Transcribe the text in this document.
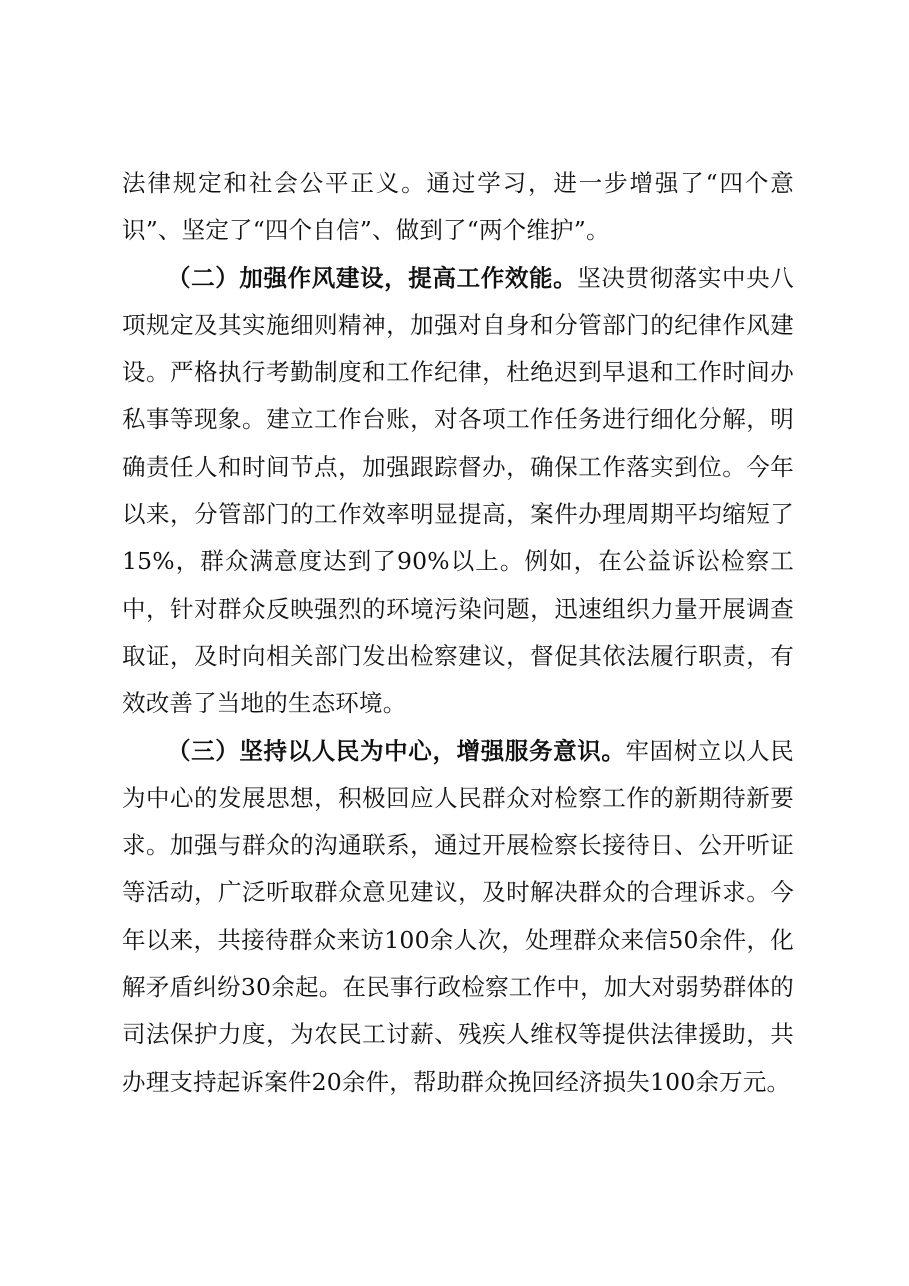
法律规定和社会公平正义。通过学习，进一步增强了“四个意
识”、坚定了“四个自信”、做到了“两个维护”。
（二）加强作风建设，提高工作效能。坚决贯彻落实中央八
项规定及其实施细则精神，加强对自身和分管部门的纪律作风建
设。严格执行考勤制度和工作纪律，杜绝迟到早退和工作时间办
私事等现象。建立工作台账，对各项工作任务进行细化分解，明
确责任人和时间节点，加强跟踪督办，确保工作落实到位。今年
以来，分管部门的工作效率明显提高，案件办理周期平均缩短了
15%，群众满意度达到了90%以上。例如，在公益诉讼检察工
中，针对群众反映强烈的环境污染问题，迅速组织力量开展调查
取证，及时向相关部门发出检察建议，督促其依法履行职责，有
效改善了当地的生态环境。
（三）坚持以人民为中心，增强服务意识。牢固树立以人民
为中心的发展思想，积极回应人民群众对检察工作的新期待新要
求。加强与群众的沟通联系，通过开展检察长接待日、公开听证
等活动，广泛听取群众意见建议，及时解决群众的合理诉求。今
年以来，共接待群众来访100余人次，处理群众来信50余件，化
解矛盾纠纷30余起。在民事行政检察工作中，加大对弱势群体的
司法保护力度，为农民工讨薪、残疾人维权等提供法律援助，共
办理支持起诉案件20余件，帮助群众挽回经济损失100余万元。
